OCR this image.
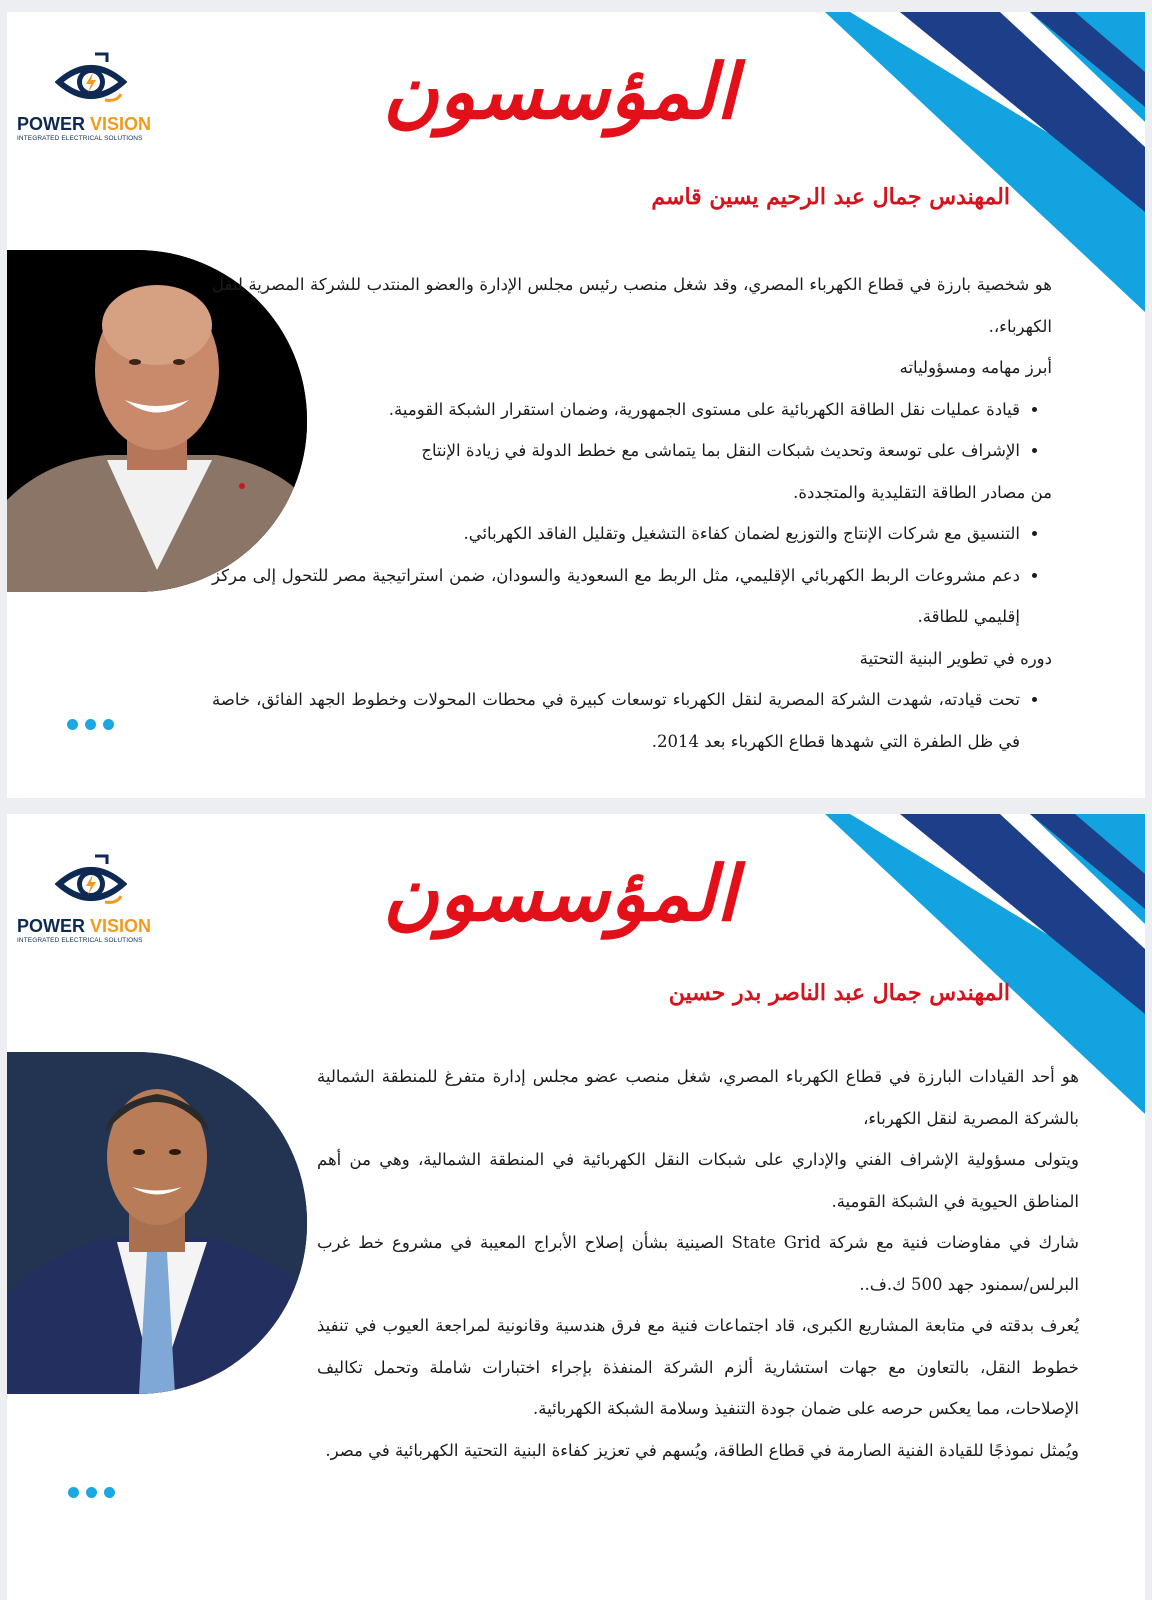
POWER VISION
INTEGRATED ELECTRICAL SOLUTIONS
المؤسسون
المهندس جمال عبد الرحيم يسين قاسم

هو شخصية بارزة في قطاع الكهرباء المصري، وقد شغل منصب رئيس مجلس الإدارة والعضو المنتدب للشركة المصرية لنقل الكهرباء،.

أبرز مهامه ومسؤولياته

• قيادة عمليات نقل الطاقة الكهربائية على مستوى الجمهورية، وضمان استقرار الشبكة القومية.
• الإشراف على توسعة وتحديث شبكات النقل بما يتماشى مع خطط الدولة في زيادة الإنتاج

من مصادر الطاقة التقليدية والمتجددة.

• التنسيق مع شركات الإنتاج والتوزيع لضمان كفاءة التشغيل وتقليل الفاقد الكهربائي.
• دعم مشروعات الربط الكهربائي الإقليمي، مثل الربط مع السعودية والسودان، ضمن استراتيجية مصر للتحول إلى مركز إقليمي للطاقة.

دوره في تطوير البنية التحتية

• تحت قيادته، شهدت الشركة المصرية لنقل الكهرباء توسعات كبيرة في محطات المحولات وخطوط الجهد الفائق، خاصة في ظل الطفرة التي شهدها قطاع الكهرباء بعد 2014.
POWER VISION
INTEGRATED ELECTRICAL SOLUTIONS
المؤسسون
المهندس جمال عبد الناصر بدر حسين

هو أحد القيادات البارزة في قطاع الكهرباء المصري، شغل منصب عضو مجلس إدارة متفرغ للمنطقة الشمالية بالشركة المصرية لنقل الكهرباء،

ويتولى مسؤولية الإشراف الفني والإداري على شبكات النقل الكهربائية في المنطقة الشمالية، وهي من أهم المناطق الحيوية في الشبكة القومية.

شارك في مفاوضات فنية مع شركة State Grid الصينية بشأن إصلاح الأبراج المعيبة في مشروع خط غرب البرلس/سمنود جهد 500 ك.ف..

يُعرف بدقته في متابعة المشاريع الكبرى، قاد اجتماعات فنية مع فرق هندسية وقانونية لمراجعة العيوب في تنفيذ خطوط النقل، بالتعاون مع جهات استشارية ألزم الشركة المنفذة بإجراء اختبارات شاملة وتحمل تكاليف الإصلاحات، مما يعكس حرصه على ضمان جودة التنفيذ وسلامة الشبكة الكهربائية.

ويُمثل نموذجًا للقيادة الفنية الصارمة في قطاع الطاقة، ويُسهم في تعزيز كفاءة البنية التحتية الكهربائية في مصر.
